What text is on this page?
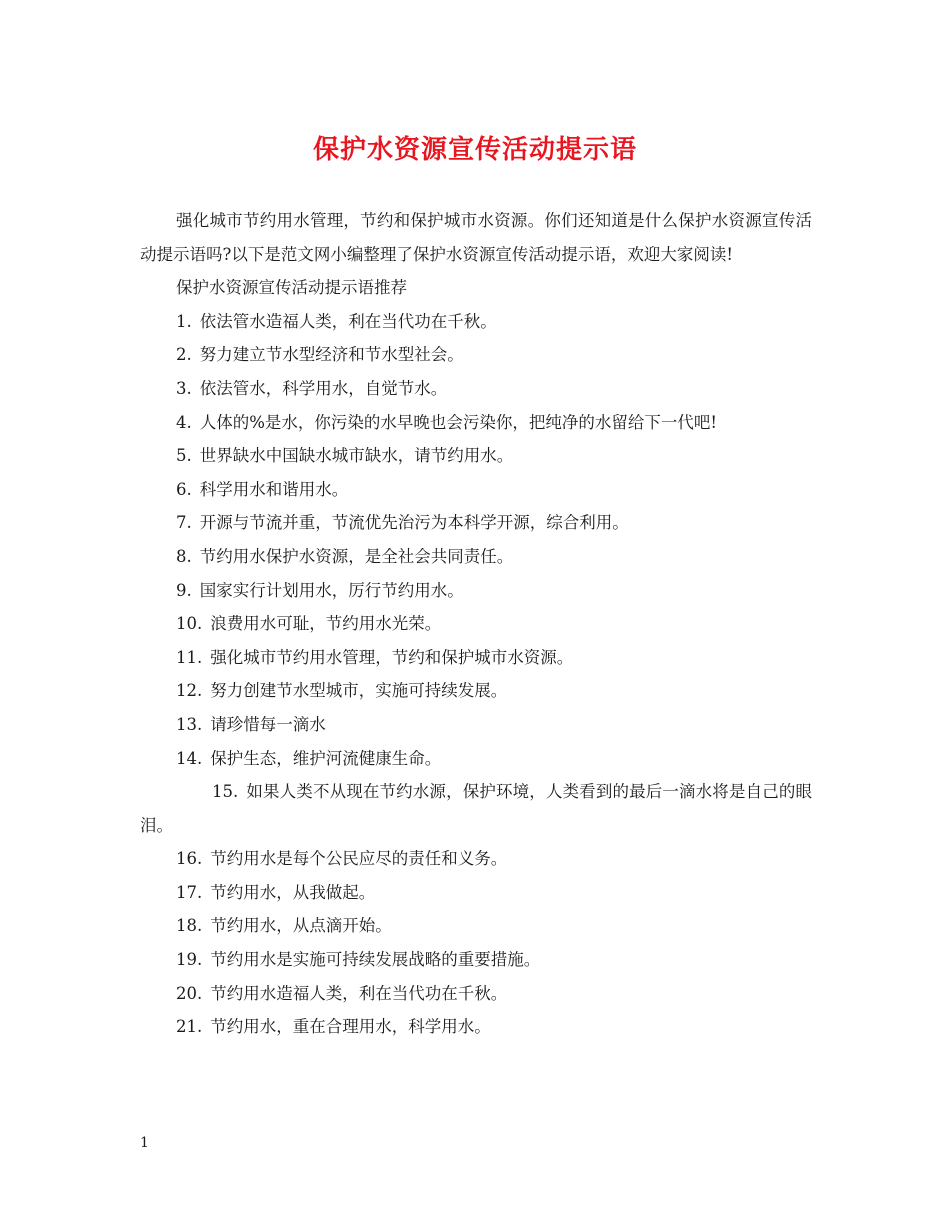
保护水资源宣传活动提示语

强化城市节约用水管理，节约和保护城市水资源。你们还知道是什么保护水资源宣传活动提示语吗?以下是范文网小编整理了保护水资源宣传活动提示语，欢迎大家阅读!

保护水资源宣传活动提示语推荐

1. 依法管水造福人类，利在当代功在千秋。

2. 努力建立节水型经济和节水型社会。

3. 依法管水，科学用水，自觉节水。

4. 人体的%是水，你污染的水早晚也会污染你，把纯净的水留给下一代吧!

5. 世界缺水中国缺水城市缺水，请节约用水。

6. 科学用水和谐用水。

7. 开源与节流并重，节流优先治污为本科学开源，综合利用。

8. 节约用水保护水资源，是全社会共同责任。

9. 国家实行计划用水，厉行节约用水。

10. 浪费用水可耻，节约用水光荣。

11. 强化城市节约用水管理，节约和保护城市水资源。

12. 努力创建节水型城市，实施可持续发展。

13. 请珍惜每一滴水

14. 保护生态，维护河流健康生命。

15. 如果人类不从现在节约水源，保护环境，人类看到的最后一滴水将是自己的眼泪。

16. 节约用水是每个公民应尽的责任和义务。

17. 节约用水，从我做起。

18. 节约用水，从点滴开始。

19. 节约用水是实施可持续发展战略的重要措施。

20. 节约用水造福人类，利在当代功在千秋。

21. 节约用水，重在合理用水，科学用水。

1
